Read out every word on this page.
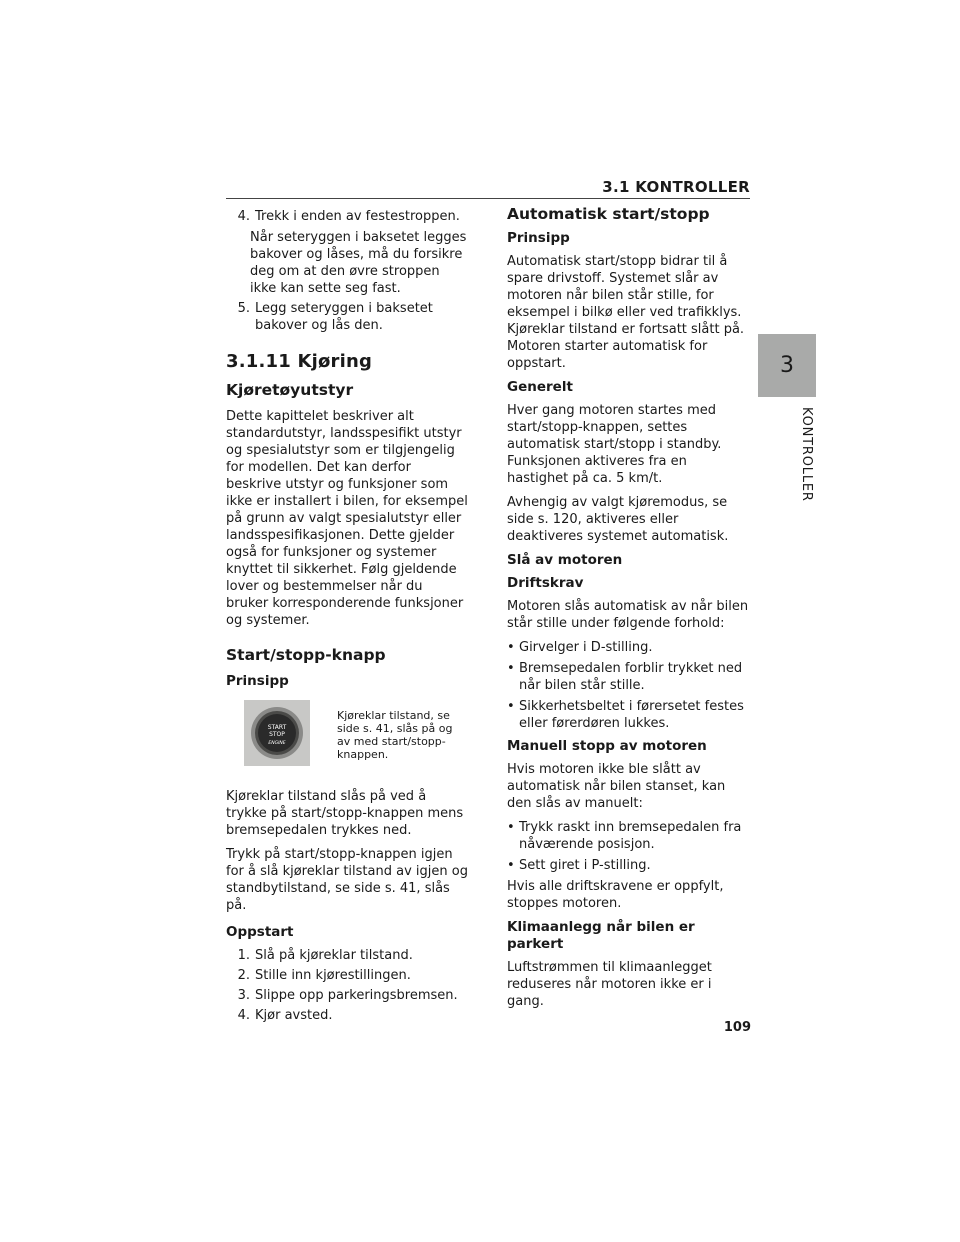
3.1 KONTROLLER
3
KONTROLLER
4. Trekk i enden av festestroppen.

Når seteryggen i baksetet legges bakover og låses, må du forsikre deg om at den øvre stroppen ikke kan sette seg fast.

5. Legg seteryggen i baksetet bakover og lås den.
3.1.11 Kjøring
Kjøretøyutstyr

Dette kapittelet beskriver alt standardutstyr, landsspesifikt utstyr og spesialutstyr som er tilgjengelig for modellen. Det kan derfor beskrive utstyr og funksjoner som ikke er installert i bilen, for eksempel på grunn av valgt spesialutstyr eller landsspesifikasjonen. Dette gjelder også for funksjoner og systemer knyttet til sikkerhet. Følg gjeldende lover og bestemmelser når du bruker korresponderende funksjoner og systemer.

Start/stopp-knapp
Prinsipp
START
STOP
ENGINE
Kjøreklar tilstand, se side s. 41, slås på og av med start/stopp-knappen.

Kjøreklar tilstand slås på ved å trykke på start/stopp-knappen mens bremsepedalen trykkes ned.

Trykk på start/stopp-knappen igjen for å slå kjøreklar tilstand av igjen og standbytilstand, se side s. 41, slås på.

Oppstart
1. Slå på kjøreklar tilstand.
2. Stille inn kjørestillingen.
3. Slippe opp parkeringsbremsen.
4. Kjør avsted.
Automatisk start/stopp
Prinsipp

Automatisk start/stopp bidrar til å spare drivstoff. Systemet slår av motoren når bilen står stille, for eksempel i bilkø eller ved trafikklys. Kjøreklar tilstand er fortsatt slått på. Motoren starter automatisk for oppstart.

Generelt

Hver gang motoren startes med start/stopp-knappen, settes automatisk start/stopp i standby. Funksjonen aktiveres fra en hastighet på ca. 5 km/t.

Avhengig av valgt kjøremodus, se side s. 120, aktiveres eller deaktiveres systemet automatisk.

Slå av motoren
Driftskrav

Motoren slås automatisk av når bilen står stille under følgende forhold:

• Girvelger i D-stilling.
• Bremsepedalen forblir trykket ned når bilen står stille.
• Sikkerhetsbeltet i førersetet festes eller førerdøren lukkes.
Manuell stopp av motoren

Hvis motoren ikke ble slått av automatisk når bilen stanset, kan den slås av manuelt:

• Trykk raskt inn bremsepedalen fra nåværende posisjon.
• Sett giret i P-stilling.

Hvis alle driftskravene er oppfylt, stoppes motoren.

Klimaanlegg når bilen er parkert

Luftstrømmen til klimaanlegget reduseres når motoren ikke er i gang.

109
